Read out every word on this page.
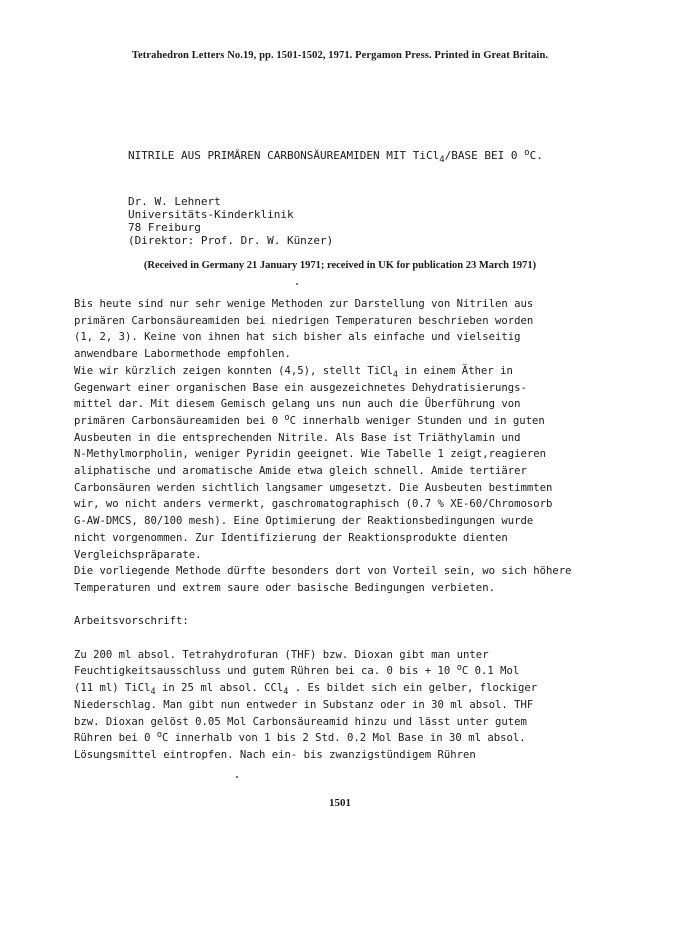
Tetrahedron Letters No.19, pp. 1501-1502, 1971. Pergamon Press. Printed in Great Britain.
NITRILE AUS PRIMÄREN CARBONSÄUREAMIDEN MIT TiCl$_4$/BASE BEI 0 $^o$C.
Dr. W. Lehnert
Universitäts-Kinderklinik
78 Freiburg
(Direktor: Prof. Dr. W. Künzer)
(Received in Germany 21 January 1971; received in UK for publication 23 March 1971)
Bis heute sind nur sehr wenige Methoden zur Darstellung von Nitrilen aus
primären Carbonsäureamiden bei niedrigen Temperaturen beschrieben worden
(1, 2, 3). Keine von ihnen hat sich bisher als einfache und vielseitig
anwendbare Labormethode empfohlen.
Wie wir kürzlich zeigen konnten (4,5), stellt TiCl$_4$ in einem Äther in
Gegenwart einer organischen Base ein ausgezeichnetes Dehydratisierungs-
mittel dar. Mit diesem Gemisch gelang uns nun auch die Überführung von
primären Carbonsäureamiden bei 0 $^o$C innerhalb weniger Stunden und in guten
Ausbeuten in die entsprechenden Nitrile. Als Base ist Triäthylamin und
N-Methylmorpholin, weniger Pyridin geeignet. Wie Tabelle 1 zeigt,reagieren
aliphatische und aromatische Amide etwa gleich schnell. Amide tertiärer
Carbonsäuren werden sichtlich langsamer umgesetzt. Die Ausbeuten bestimmten
wir, wo nicht anders vermerkt, gaschromatographisch (0.7 % XE-60/Chromosorb
G-AW-DMCS, 80/100 mesh). Eine Optimierung der Reaktionsbedingungen wurde
nicht vorgenommen. Zur Identifizierung der Reaktionsprodukte dienten
Vergleichspräparate.
Die vorliegende Methode dürfte besonders dort von Vorteil sein, wo sich höhere
Temperaturen und extrem saure oder basische Bedingungen verbieten.
Arbeitsvorschrift:
Zu 200 ml absol. Tetrahydrofuran (THF) bzw. Dioxan gibt man unter
Feuchtigkeitsausschluss und gutem Rühren bei ca. 0 bis + 10 $^o$C 0.1 Mol
(11 ml) TiCl$_4$ in 25 ml absol. CCl$_4$ . Es bildet sich ein gelber, flockiger
Niederschlag. Man gibt nun entweder in Substanz oder in 30 ml absol. THF
bzw. Dioxan gelöst 0.05 Mol Carbonsäureamid hinzu und lässt unter gutem
Rühren bei 0 $^o$C innerhalb von 1 bis 2 Std. 0.2 Mol Base in 30 ml absol.
Lösungsmittel eintropfen. Nach ein- bis zwanzigstündigem Rühren
1501
